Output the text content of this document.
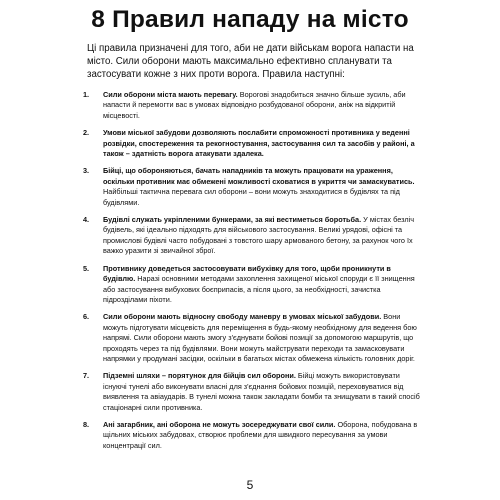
8 Правил нападу на місто
Ці правила призначені для того, аби не дати військам ворога напасти на місто. Сили оборони мають максимально ефективно спланувати та застосувати кожне з них проти ворога. Правила наступні:
1. Сили оборони міста мають перевагу. Ворогові знадобиться значно більше зусиль, аби напасти й перемогти вас в умовах відповідно розбудованої оборони, аніж на відкритій місцевості.
2. Умови міської забудови дозволяють послабити спроможності противника у веденні розвідки, спостереження та рекогностування, застосування сил та засобів у районі, а також – здатність ворога атакувати здалека.
3. Бійці, що обороняються, бачать нападників та можуть працювати на ураження, оскільки противник має обмежені можливості сховатися в укриття чи замаскуватись. Найбільші тактична перевага сил оборони – вони можуть знаходитися в будівлях та під будівлями.
4. Будівлі служать укріпленими бункерами, за які вестиметься боротьба. У містах безліч будівель, які ідеально підходять для військового застосування. Великі урядові, офісні та промислові будівлі часто побудовані з товстого шару армованого бетону, за рахунок чого їх важко уразити зі звичайної зброї.
5. Противнику доведеться застосовувати вибухівку для того, щоби проникнути в будівлю. Наразі основними методами захоплення захищеної міської споруди є її знищення або застосування вибухових боєприпасів, а після цього, за необхідності, зачистка підрозділами піхоти.
6. Сили оборони мають відносну свободу маневру в умовах міської забудови. Вони можуть підготувати місцевість для переміщення в будь-якому необхідному для ведення бою напрямі. Сили оборони мають змогу з'єднувати бойові позиції за допомогою маршрутів, що проходять через та під будівлями. Вони можуть майструвати переходи та замасковувати напрямки у продумані засідки, оскільки в багатьох містах обмежена кількість головних доріг.
7. Підземні шляхи – порятунок для бійців сил оборони. Бійці можуть використовувати існуючі тунелі або виконувати власні для з'єднання бойових позицій, переховуватися від виявлення та авіаударів. В тунелі можна також закладати бомби та знищувати в такий спосіб стаціонарні сили противника.
8. Ані загарбник, ані оборона не можуть зосереджувати свої сили. Оборона, побудована в щільних міських забудовах, створює проблеми для швидкого пересування за умови концентрації сил.
5
